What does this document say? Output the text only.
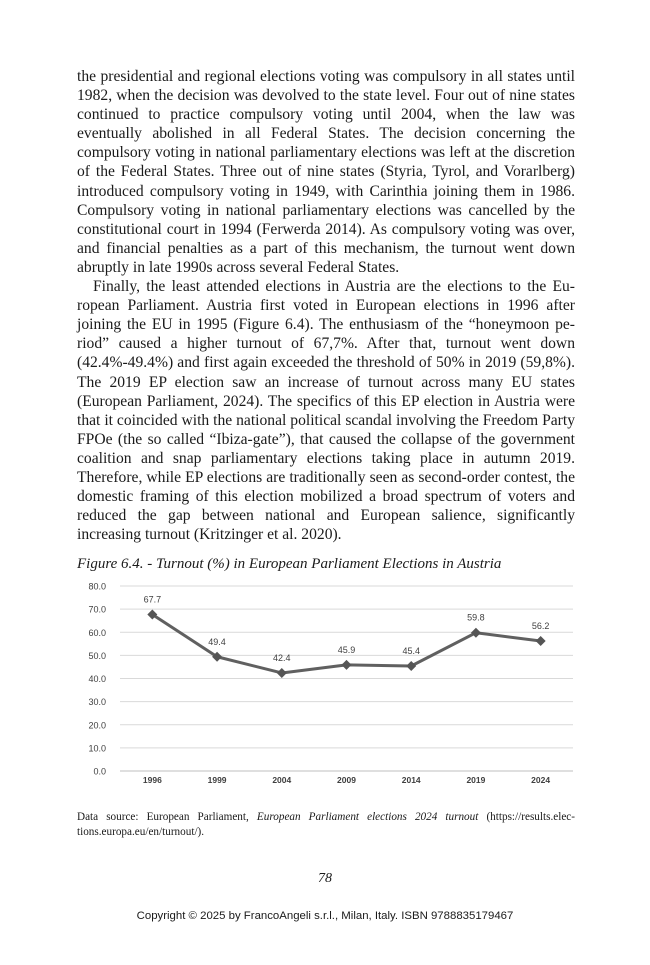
the presidential and regional elections voting was compulsory in all states until 1982, when the decision was devolved to the state level. Four out of nine states continued to practice compulsory voting until 2004, when the law was eventually abolished in all Federal States. The decision concerning the compulsory voting in national parliamentary elections was left at the discretion of the Federal States. Three out of nine states (Styria, Tyrol, and Vorarlberg) introduced compulsory voting in 1949, with Carinthia joining them in 1986. Compulsory voting in national parliamentary elections was cancelled by the constitutional court in 1994 (Ferwerda 2014). As compulsory voting was over, and financial penalties as a part of this mechanism, the turnout went down abruptly in late 1990s across several Federal States.

Finally, the least attended elections in Austria are the elections to the European Parliament. Austria first voted in European elections in 1996 after joining the EU in 1995 (Figure 6.4). The enthusiasm of the “honeymoon period” caused a higher turnout of 67,7%. After that, turnout went down (42.4%-49.4%) and first again exceeded the threshold of 50% in 2019 (59,8%). The 2019 EP election saw an increase of turnout across many EU states (European Parliament, 2024). The specifics of this EP election in Austria were that it coincided with the national political scandal involving the Freedom Party FPOe (the so called “Ibiza-gate”), that caused the collapse of the government coalition and snap parliamentary elections taking place in autumn 2019. Therefore, while EP elections are traditionally seen as second-order contest, the domestic framing of this election mobilized a broad spectrum of voters and reduced the gap between national and European salience, significantly increasing turnout (Kritzinger et al. 2020).

Figure 6.4. - Turnout (%) in European Parliament Elections in Austria
0.0
10.0
20.0
30.0
40.0
50.0
60.0
70.0
80.0
1996	1999	2004	2009	2014	2019	2024
67.7
49.4
42.4
45.9	45.4
59.8
56.2
Data source: European Parliament, European Parliament elections 2024 turnout (https://results.elections.europa.eu/en/turnout/).
78
Copyright © 2025 by FrancoAngeli s.r.l., Milan, Italy. ISBN 9788835179467
